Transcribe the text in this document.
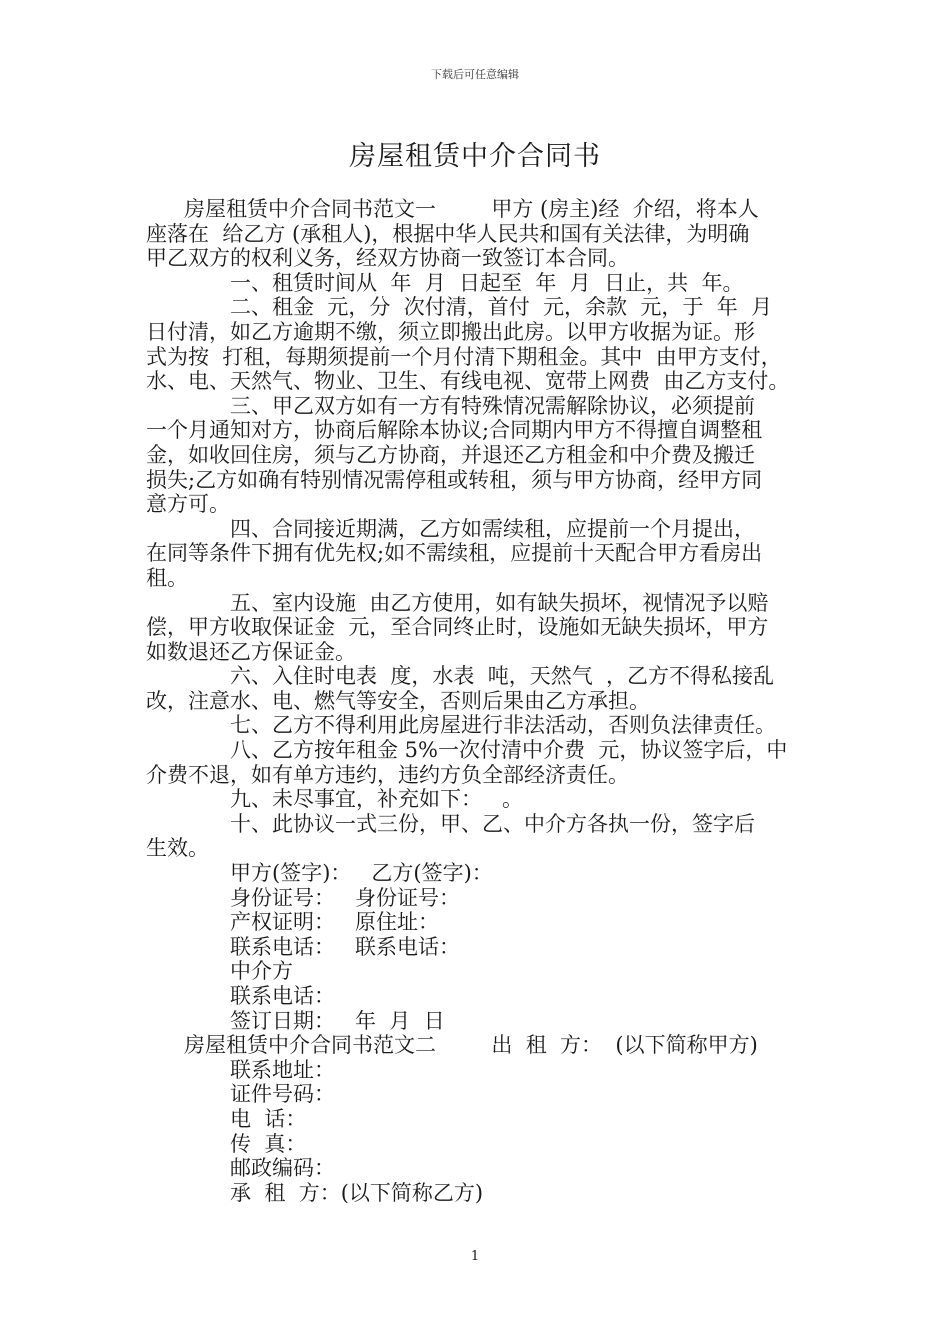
下载后可任意编辑
房屋租赁中介合同书
房屋租赁中介合同书范文一　　  甲方 (房主)经  介绍，将本人
座落在  给乙方 (承租人)，根据中华人民共和国有关法律，为明确
甲乙双方的权利义务，经双方协商一致签订本合同。
一、租赁时间从  年  月  日起至  年  月  日止，共  年。
二、租金  元，分  次付清，首付  元，余款  元，于  年  月
日付清，如乙方逾期不缴，须立即搬出此房。以甲方收据为证。形
式为按  打租，每期须提前一个月付清下期租金。其中  由甲方支付，
水、电、天然气、物业、卫生、有线电视、宽带上网费  由乙方支付。
三、甲乙双方如有一方有特殊情况需解除协议，必须提前
一个月通知对方，协商后解除本协议;合同期内甲方不得擅自调整租
金，如收回住房，须与乙方协商，并退还乙方租金和中介费及搬迁
损失;乙方如确有特别情况需停租或转租，须与甲方协商，经甲方同
意方可。
四、合同接近期满，乙方如需续租，应提前一个月提出，
在同等条件下拥有优先权;如不需续租，应提前十天配合甲方看房出
租。
五、室内设施  由乙方使用，如有缺失损坏，视情况予以赔
偿，甲方收取保证金  元，至合同终止时，设施如无缺失损坏，甲方
如数退还乙方保证金。
六、入住时电表  度，水表  吨，天然气  ，乙方不得私接乱
改，注意水、电、燃气等安全，否则后果由乙方承担。
七、乙方不得利用此房屋进行非法活动，否则负法律责任。
八、乙方按年租金 5%一次付清中介费  元，协议签字后，中
介费不退，如有单方违约，违约方负全部经济责任。
九、未尽事宜，补充如下：   。
十、此协议一式三份，甲、乙、中介方各执一份，签字后
生效。
甲方(签字)：   乙方(签字)：
身份证号：   身份证号：
产权证明：   原住址：
联系电话：   联系电话：
中介方
联系电话：
签订日期：   年  月  日
房屋租赁中介合同书范文二　　  出  租  方：  (以下简称甲方)
联系地址：
证件号码：
电  话：
传  真：
邮政编码：
承  租  方：(以下简称乙方)
1
